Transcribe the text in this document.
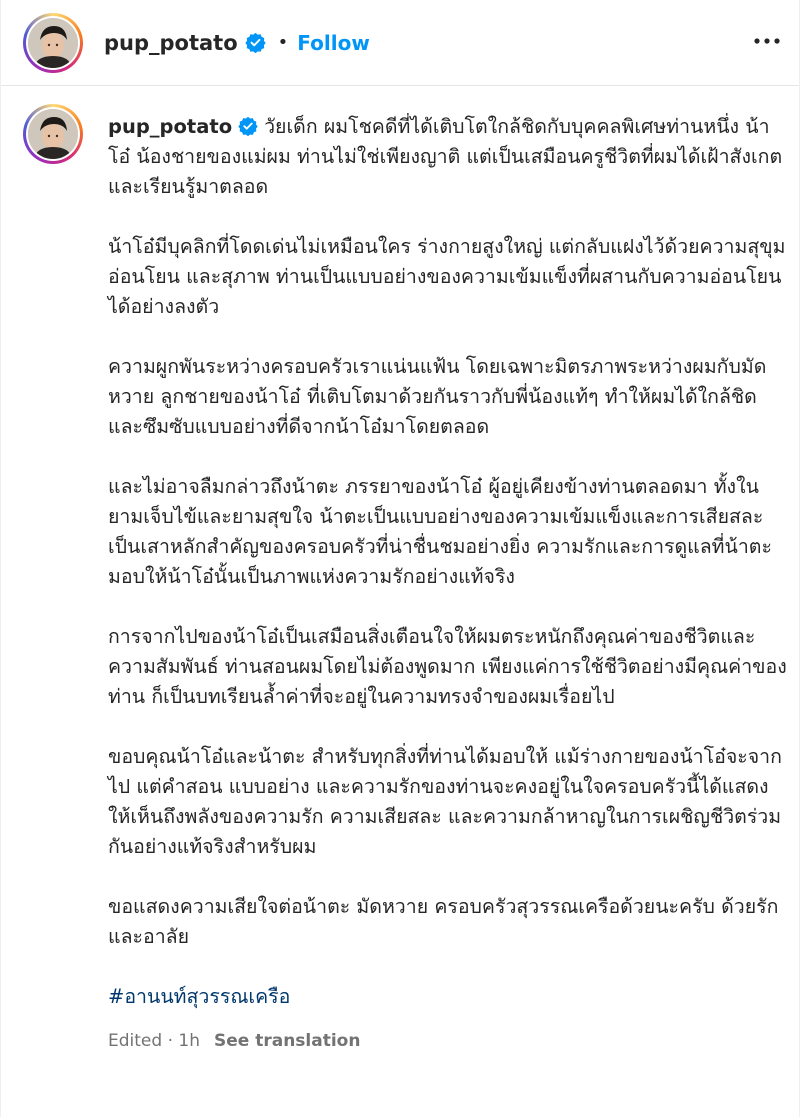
pup_potato • Follow

pup_potato วัยเด็ก ผมโชคดีที่ได้เติบโตใกล้ชิดกับบุคคลพิเศษท่านหนึ่ง น้าโอ๋ น้องชายของแม่ผม ท่านไม่ใช่เพียงญาติ แต่เป็นเสมือนครูชีวิตที่ผมได้เฝ้าสังเกตและเรียนรู้มาตลอด

น้าโอ๋มีบุคลิกที่โดดเด่นไม่เหมือนใคร ร่างกายสูงใหญ่ แต่กลับแฝงไว้ด้วยความสุขุม อ่อนโยน และสุภาพ ท่านเป็นแบบอย่างของความเข้มแข็งที่ผสานกับความอ่อนโยนได้อย่างลงตัว

ความผูกพันระหว่างครอบครัวเราแน่นแฟ้น โดยเฉพาะมิตรภาพระหว่างผมกับมัดหวาย ลูกชายของน้าโอ๋ ที่เติบโตมาด้วยกันราวกับพี่น้องแท้ๆ ทำให้ผมได้ใกล้ชิดและซึมซับแบบอย่างที่ดีจากน้าโอ๋มาโดยตลอด

และไม่อาจลืมกล่าวถึงน้าตะ ภรรยาของน้าโอ๋ ผู้อยู่เคียงข้างท่านตลอดมา ทั้งในยามเจ็บไข้และยามสุขใจ น้าตะเป็นแบบอย่างของความเข้มแข็งและการเสียสละ เป็นเสาหลักสำคัญของครอบครัวที่น่าชื่นชมอย่างยิ่ง ความรักและการดูแลที่น้าตะมอบให้น้าโอ๋นั้นเป็นภาพแห่งความรักอย่างแท้จริง

การจากไปของน้าโอ๋เป็นเสมือนสิ่งเตือนใจให้ผมตระหนักถึงคุณค่าของชีวิตและความสัมพันธ์ ท่านสอนผมโดยไม่ต้องพูดมาก เพียงแค่การใช้ชีวิตอย่างมีคุณค่าของท่าน ก็เป็นบทเรียนล้ำค่าที่จะอยู่ในความทรงจำของผมเรื่อยไป

ขอบคุณน้าโอ๋และน้าตะ สำหรับทุกสิ่งที่ท่านได้มอบให้ แม้ร่างกายของน้าโอ๋จะจากไป แต่คำสอน แบบอย่าง และความรักของท่านจะคงอยู่ในใจครอบครัวนี้ได้แสดงให้เห็นถึงพลังของความรัก ความเสียสละ และความกล้าหาญในการเผชิญชีวิตร่วมกันอย่างแท้จริงสำหรับผม

ขอแสดงความเสียใจต่อน้าตะ มัดหวาย ครอบครัวสุวรรณเครือด้วยนะครับ ด้วยรัก และอาลัย

#อานนท์สุวรรณเครือ

Edited · 1h See translation
